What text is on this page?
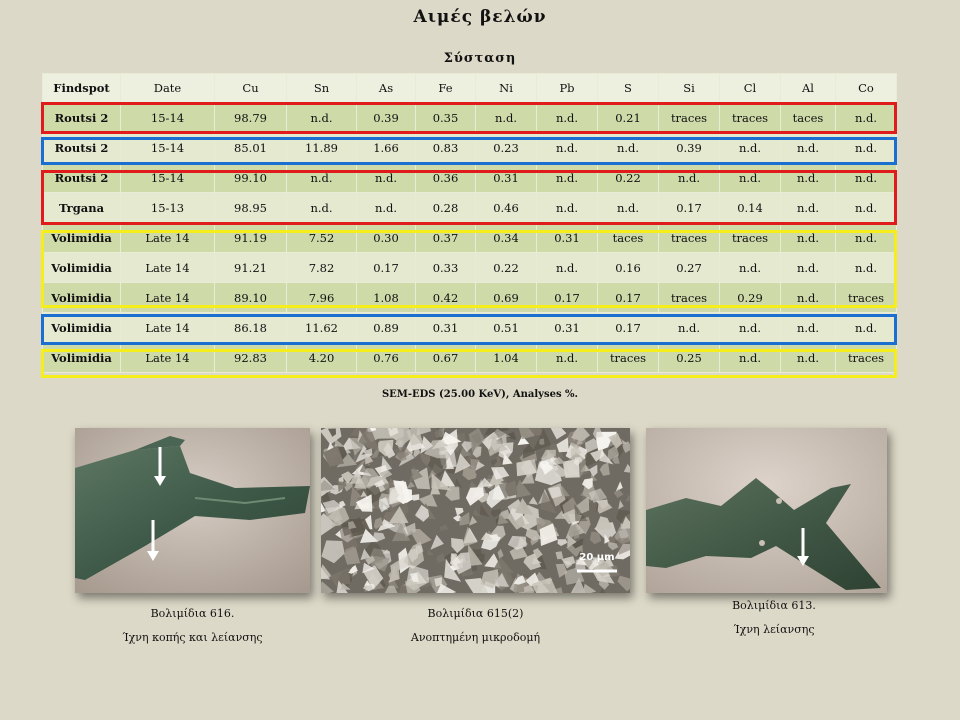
Αιμές βελών
Σύσταση
Findspot	Date	Cu	Sn	As	Fe	Ni	Pb	S	Si	Cl	Al	Co
Routsi 2	15-14	98.79	n.d.	0.39	0.35	n.d.	n.d.	0.21	traces	traces	taces	n.d.
Routsi 2	15-14	85.01	11.89	1.66	0.83	0.23	n.d.	n.d.	0.39	n.d.	n.d.	n.d.
Routsi 2	15-14	99.10	n.d.	n.d.	0.36	0.31	n.d.	0.22	n.d.	n.d.	n.d.	n.d.
Trgana	15-13	98.95	n.d.	n.d.	0.28	0.46	n.d.	n.d.	0.17	0.14	n.d.	n.d.
Volimidia	Late 14	91.19	7.52	0.30	0.37	0.34	0.31	taces	traces	traces	n.d.	n.d.
Volimidia	Late 14	91.21	7.82	0.17	0.33	0.22	n.d.	0.16	0.27	n.d.	n.d.	n.d.
Volimidia	Late 14	89.10	7.96	1.08	0.42	0.69	0.17	0.17	traces	0.29	n.d.	traces
Volimidia	Late 14	86.18	11.62	0.89	0.31	0.51	0.31	0.17	n.d.	n.d.	n.d.	n.d.
Volimidia	Late 14	92.83	4.20	0.76	0.67	1.04	n.d.	traces	0.25	n.d.	n.d.	traces
SEM-EDS (25.00 KeV), Analyses %.
20 μm
Βολιμίδια 616.
Ίχνη κοπής και λείανσης
Βολιμίδια 615(2)
Ανοπτημένη μικροδομή
Βολιμίδια 613.
Ίχνη λείανσης
